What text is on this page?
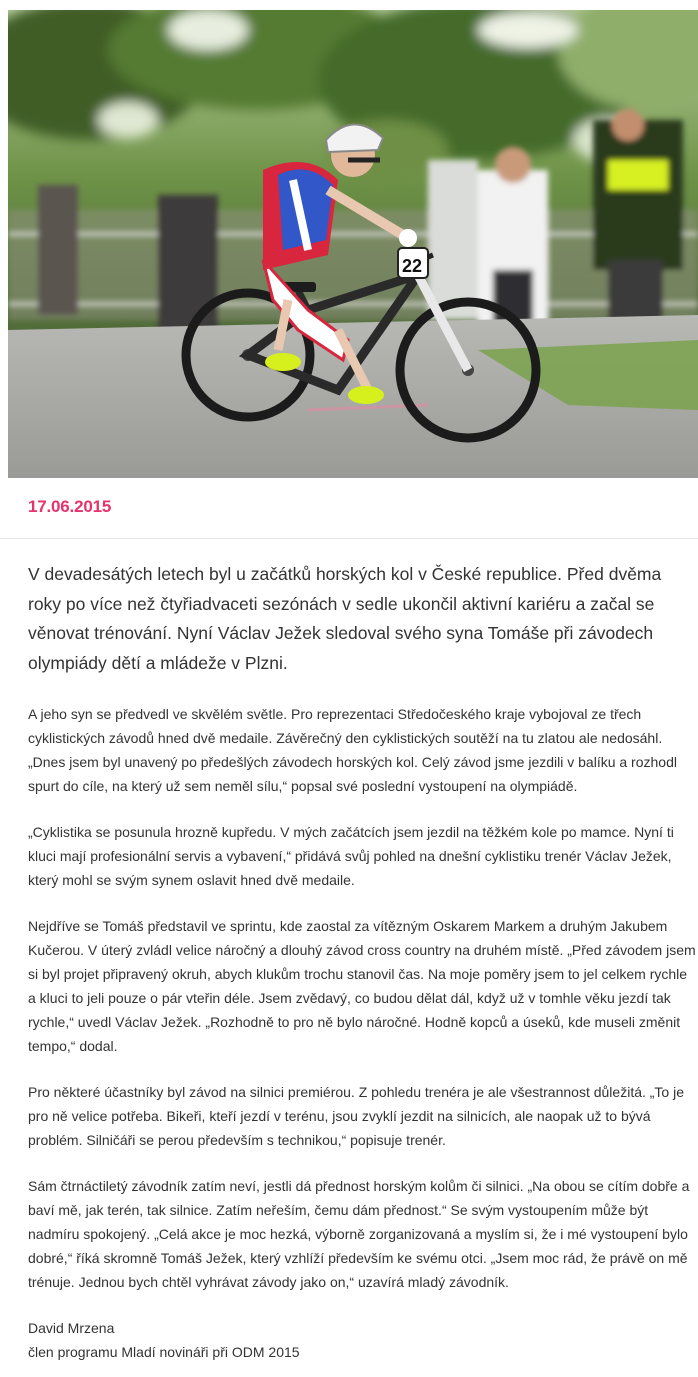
22
17.06.2015

V devadesátých letech byl u začátků horských kol v České republice. Před dvěma roky po více než čtyřiadvaceti sezónách v sedle ukončil aktivní kariéru a začal se věnovat trénování. Nyní Václav Ježek sledoval svého syna Tomáše při závodech olympiády dětí a mládeže v Plzni.

A jeho syn se předvedl ve skvělém světle. Pro reprezentaci Středočeského kraje vybojoval ze třech cyklistických závodů hned dvě medaile. Závěrečný den cyklistických soutěží na tu zlatou ale nedosáhl. „Dnes jsem byl unavený po předešlých závodech horských kol. Celý závod jsme jezdili v balíku a rozhodl spurt do cíle, na který už sem neměl sílu,“ popsal své poslední vystoupení na olympiádě.

„Cyklistika se posunula hrozně kupředu. V mých začátcích jsem jezdil na těžkém kole po mamce. Nyní ti kluci mají profesionální servis a vybavení,“ přidává svůj pohled na dnešní cyklistiku trenér Václav Ježek, který mohl se svým synem oslavit hned dvě medaile.

Nejdříve se Tomáš představil ve sprintu, kde zaostal za vítězným Oskarem Markem a druhým Jakubem Kučerou. V úterý zvládl velice náročný a dlouhý závod cross country na druhém místě. „Před závodem jsem si byl projet připravený okruh, abych klukům trochu stanovil čas. Na moje poměry jsem to jel celkem rychle a kluci to jeli pouze o pár vteřin déle. Jsem zvědavý, co budou dělat dál, když už v tomhle věku jezdí tak rychle,“ uvedl Václav Ježek. „Rozhodně to pro ně bylo náročné. Hodně kopců a úseků, kde museli změnit tempo,“ dodal.

Pro některé účastníky byl závod na silnici premiérou. Z pohledu trenéra je ale všestrannost důležitá. „To je pro ně velice potřeba. Bikeři, kteří jezdí v terénu, jsou zvyklí jezdit na silnicích, ale naopak už to bývá problém. Silničáři se perou především s technikou,“ popisuje trenér.

Sám čtrnáctiletý závodník zatím neví, jestli dá přednost horským kolům či silnici. „Na obou se cítím dobře a baví mě, jak terén, tak silnice. Zatím neřeším, čemu dám přednost.“ Se svým vystoupením může být nadmíru spokojený. „Celá akce je moc hezká, výborně zorganizovaná a myslím si, že i mé vystoupení bylo dobré,“ říká skromně Tomáš Ježek, který vzhlíží především ke svému otci. „Jsem moc rád, že právě on mě trénuje. Jednou bych chtěl vyhrávat závody jako on,“ uzavírá mladý závodník.

David Mrzena
člen programu Mladí novináři při ODM 2015
